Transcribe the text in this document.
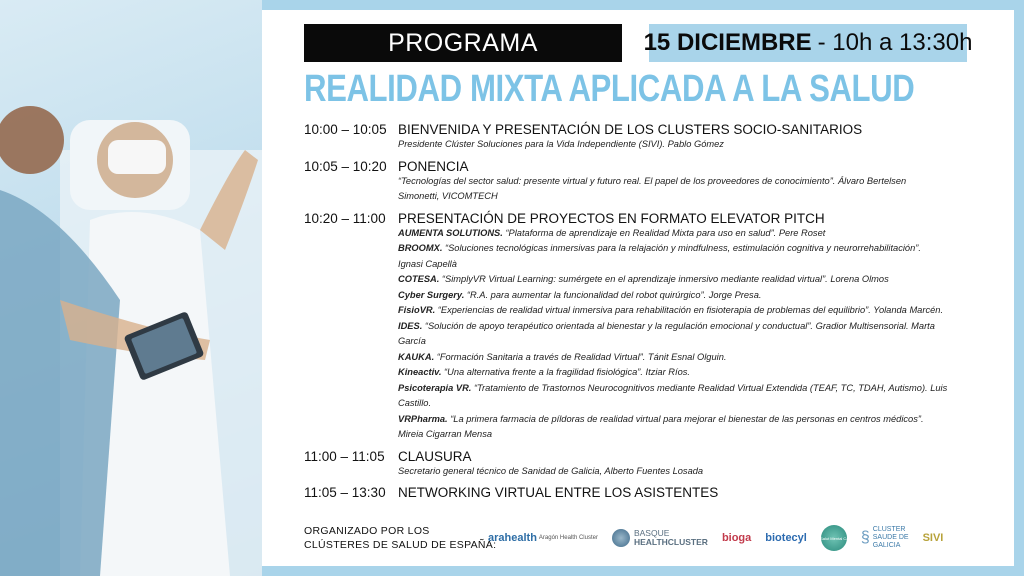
PROGRAMA	15 DICIEMBRE - 10h a 13:30h
REALIDAD MIXTA APLICADA A LA SALUD
10:00 – 10:05 BIENVENIDA Y PRESENTACIÓN DE LOS CLUSTERS SOCIO-SANITARIOS
Presidente Clúster Soluciones para la Vida Independiente (SIVI). Pablo Gómez
10:05 – 10:20 PONENCIA
“Tecnologías del sector salud: presente virtual y futuro real. El papel de los proveedores de conocimiento”. Álvaro Bertelsen
Simonetti, VICOMTECH
10:20 – 11:00 PRESENTACIÓN DE PROYECTOS EN FORMATO ELEVATOR PITCH
AUMENTA SOLUTIONS. “Plataforma de aprendizaje en Realidad Mixta para uso en salud”. Pere Roset
BROOMX. “Soluciones tecnológicas inmersivas para la relajación y mindfulness, estimulación cognitiva y neurorrehabilitación”.
Ignasi Capellà
COTESA. “SimplyVR Virtual Learning: sumérgete en el aprendizaje inmersivo mediante realidad virtual”. Lorena Olmos
Cyber Surgery. “R.A. para aumentar la funcionalidad del robot quirúrgico”. Jorge Presa.
FisioVR. “Experiencias de realidad virtual inmersiva para rehabilitación en fisioterapia de problemas del equilibrio”. Yolanda Marcén.
IDES. “Solución de apoyo terapéutico orientada al bienestar y la regulación emocional y conductual”. Gradior Multisensorial. Marta
García
KAUKA. “Formación Sanitaria a través de Realidad Virtual”. Tánit Esnal Olguin.
Kineactiv. “Una alternativa frente a la fragilidad fisiológica”. Itziar Ríos.
Psicoterapia VR. “Tratamiento de Trastornos Neurocognitivos mediante Realidad Virtual Extendida (TEAF, TC, TDAH, Autismo). Luis
Castillo.
VRPharma. “La primera farmacia de píldoras de realidad virtual para mejorar el bienestar de las personas en centros médicos”.
Mireia Cigarran Mensa
11:00 – 11:05 CLAUSURA
Secretario general técnico de Sanidad de Galicia, Alberto Fuentes Losada
11:05 – 13:30 NETWORKING VIRTUAL ENTRE LOS ASISTENTES
ORGANIZADO POR LOS
CLÚSTERES DE SALUD DE ESPAÑA:
arahealth Aragón Health Cluster	BASQUE
HEALTHCLUSTER bioga biotecyl Clúster Salut Mental Catalunya § CLUSTER
SAUDE DE
GALICIA
SIVI
